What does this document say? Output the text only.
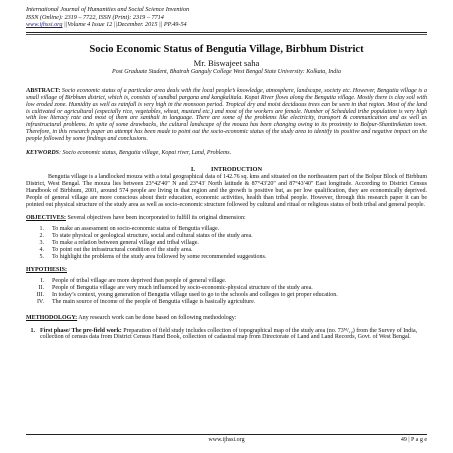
International Journal of Humanities and Social Science Invention
ISSN (Online): 2319 – 7722, ISSN (Print): 2319 – 7714
www.ijhssi.org ||Volume 4 Issue 12 ||December. 2015 || PP.49-54
Socio Economic Status of Bengutia Village, Birbhum District
Mr. Biswajeet saha
Post Graduate Student, Bhatrah Ganguly College West Bengal State University: Kolkata, India
ABSTRACT: Socio economic status of a particular area deals with the local people’s knowledge, atmosphere, landscape, society etc. However, Bengutia village is a small village of Birbhum district, which is, consists of sundbal pargana and kangkalitala. Kopai River flows along the Bengutia village. Mostly there is clay soil with low eroded zone. Humidity as well as rainfall is very high in the monsoon period. Tropical dry and moist deciduous trees can be seen in that region. Most of the land is cultivated or agricultural (especially rice, vegetables, wheat, mustard etc.) and most of the workers are female. Number of Scheduled tribe population is very high with low literacy rate and most of them are santhali in language. There are some of the problems like electricity, transport & communication and as well as infrastructural problems. In spite of some drawbacks, the cultural landscape of the mouza has been changing owing to its proximity to Bolpur-Shantiniketan town. Therefore, in this research paper an attempt has been made to point out the socio-economic status of the study area to identify its positive and negative impact on the people followed by some findings and conclusions.
KEYWORDS: Socio economic status, Bengutia village, Kopai river, Land, Problems.
I.          INTRODUCTION
Bengutia village is a landlocked mouza with a total geographical data of 142.76 sq. kms and situated on the northeastern part of the Bolpur Block of Birbhum District, West Bengal. The mouza lies between 23°42′40″ N and 23°43′ North latitude & 87°43′20″ and 87°43′40″ East longitude. According to District Census Handbook of Birbhum, 2001, around 574 people are living in that region and the growth is positive but, as per low qualification, they are economically deprived. People of general village are more conscious about their education, economic activities, health than tribal people. However, through this research paper it can be pointed out physical structure of the study area as well as socio-economic structure followed by cultural and ritual or religious status of both tribal and general people.
OBJECTIVES: Several objectives have been incorporated to fulfill its original dimension:
1.	To make an assessment on socio-economic status of Bengutia village.
2.	To state physical or geological structure, social and cultural status of the study area.
3.	To make a relation between general village and tribal village.
4.	To point out the infrastructural condition of the study area.
5.	To highlight the problems of the study area followed by some recommended suggestions.
HYPOTHESIS:
I.	People of tribal village are more deprived than people of general village.
II.	People of Bengutia village are very much influenced by socio-economic-physical structure of the study area.
III.	In today’s context, young generation of Bengutia village used to go to the schools and colleges to get proper education.
IV.	The main source of income of the people of Bengutia village is basically agriculture.
METHODOLOGY: Any research work can be done based on following methodology:
1. First phase/ The pre-field work: Preparation of field study includes collection of topographical map of the study area (no. 73ᴹ/₁₂) from the Survey of India, collection of census data from District Census Hand Book, collection of cadastral map from Directorate of Land and Land Records, Govt. of West Bengal.
www.ijhssi.org	49 | P a g e
